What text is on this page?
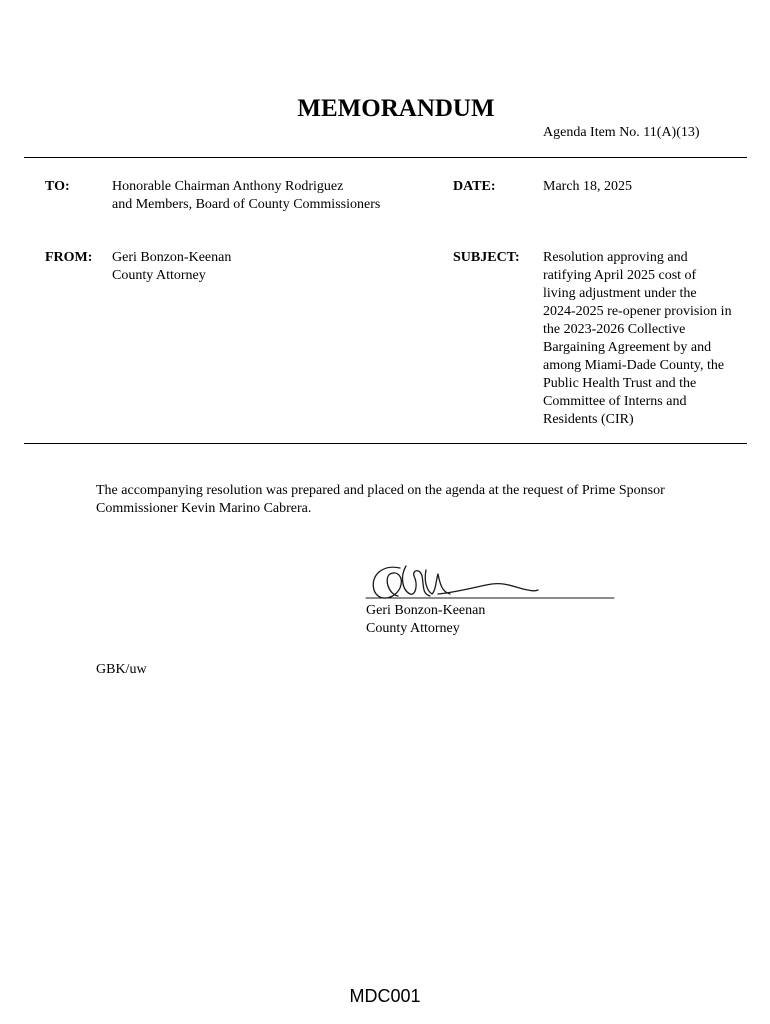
MEMORANDUM
Agenda Item No. 11(A)(13)
TO:	Honorable Chairman Anthony Rodriguez
and Members, Board of County Commissioners
DATE:	March 18, 2025
FROM: Geri Bonzon-Keenan
County Attorney
SUBJECT: Resolution approving and
ratifying April 2025 cost of
living adjustment under the
2024-2025 re-opener provision in
the 2023-2026 Collective
Bargaining Agreement by and
among Miami-Dade County, the
Public Health Trust and the
Committee of Interns and
Residents (CIR)
The accompanying resolution was prepared and placed on the agenda at the request of Prime Sponsor
Commissioner Kevin Marino Cabrera.
Geri Bonzon-Keenan
County Attorney
GBK/uw
MDC001
